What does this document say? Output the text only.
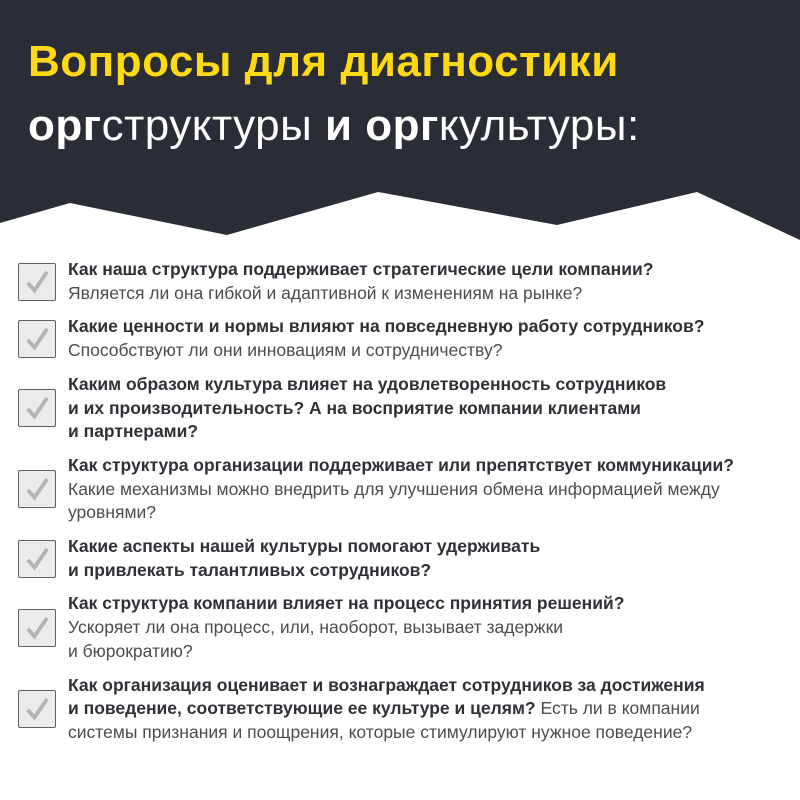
Вопросы для диагностики
оргструктуры и оргкультуры:
Как наша структура поддерживает стратегические цели компании?
Является ли она гибкой и адаптивной к изменениям на рынке?
Какие ценности и нормы влияют на повседневную работу сотрудников?
Способствуют ли они инновациям и сотрудничеству?
Каким образом культура влияет на удовлетворенность сотрудников
и их производительность? А на восприятие компании клиентами
и партнерами?
Как структура организации поддерживает или препятствует коммуникации?
Какие механизмы можно внедрить для улучшения обмена информацией между
уровнями?
Какие аспекты нашей культуры помогают удерживать
и привлекать талантливых сотрудников?
Как структура компании влияет на процесс принятия решений?
Ускоряет ли она процесс, или, наоборот, вызывает задержки
и бюрократию?
Как организация оценивает и вознаграждает сотрудников за достижения
и поведение, соответствующие ее культуре и целям? Есть ли в компании
системы признания и поощрения, которые стимулируют нужное поведение?
